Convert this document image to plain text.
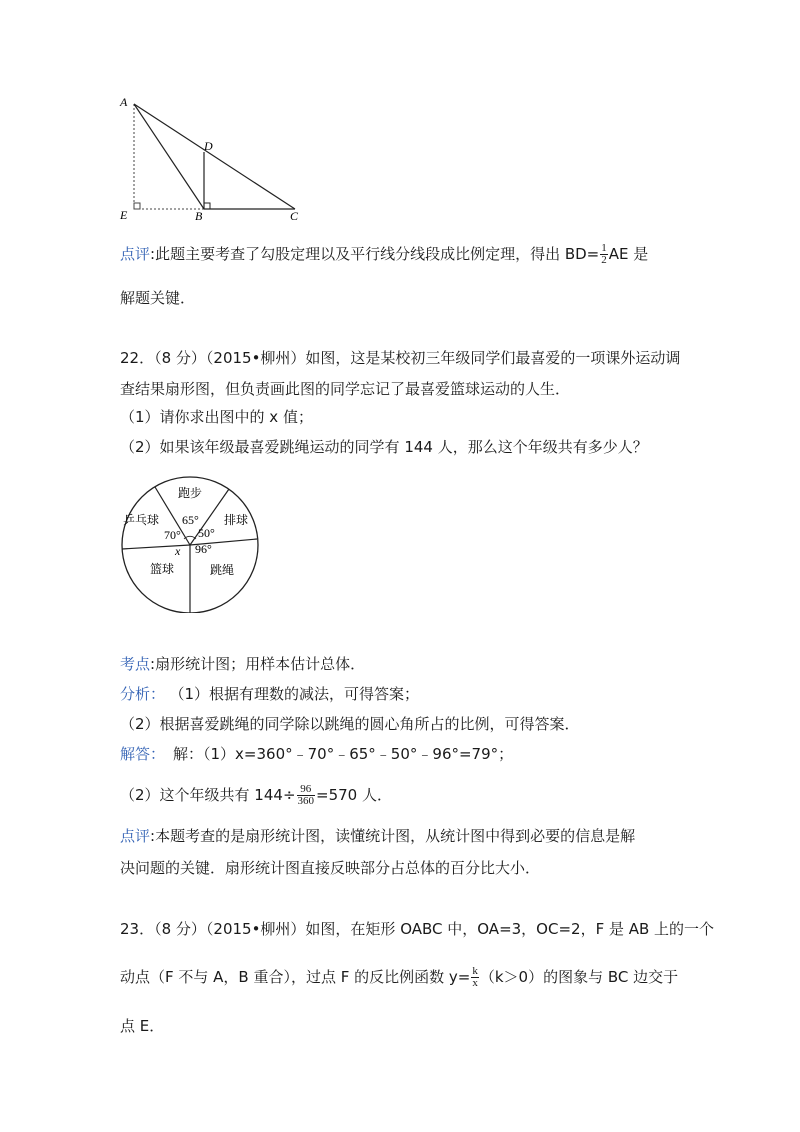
A
D
E	B	C
点评:此题主要考查了勾股定理以及平行线分线段成比例定理，得出 $BD= \frac{1}{2}$ AE 是
解题关键．
22．（8 分）（2015•柳州）如图，这是某校初三年级同学们最喜爱的一项课外运动调
查结果扇形图，但负责画此图的同学忘记了最喜爱篮球运动的人生．
（1）请你求出图中的 x 值；
（2）如果该年级最喜爱跳绳运动的同学有 144 人，那么这个年级共有多少人？
跑步
乒乓球	排球
篮球	跳绳
65°
70° 50°
96°
x
考点:扇形统计图；用样本估计总体．
分析： （1）根据有理数的减法，可得答案；
（2）根据喜爱跳绳的同学除以跳绳的圆心角所占的比例，可得答案．
解答： 解：（1）x=360°﹣70°﹣65°﹣50°﹣96°=79°；
（2）这个年级共有 $144\div \frac{96}{360} =570$ 人．
点评:本题考查的是扇形统计图，读懂统计图，从统计图中得到必要的信息是解
决问题的关键．扇形统计图直接反映部分占总体的百分比大小．
23．（8 分）（2015•柳州）如图，在矩形 OABC 中，OA=3，OC=2，F 是 AB 上的一个
动点（F 不与 A，B 重合），过点 F 的反比例函数 $y= \frac{k}{x} (k>0)$的图象与 BC 边交于
点 E．
